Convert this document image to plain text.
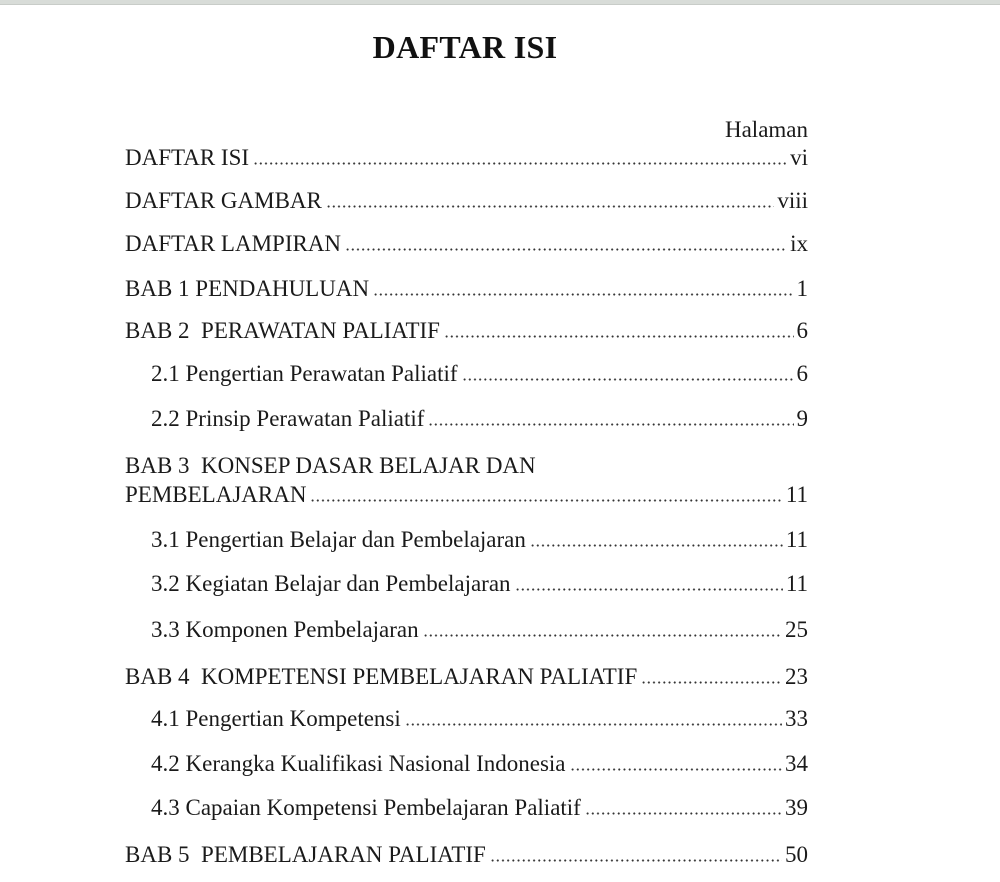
DAFTAR ISI
Halaman
DAFTAR ISI	vi
DAFTAR GAMBAR	viii
DAFTAR LAMPIRAN	ix
BAB 1 PENDAHULUAN	1
BAB 2  PERAWATAN PALIATIF	6
2.1 Pengertian Perawatan Paliatif	6
2.2 Prinsip Perawatan Paliatif	9
BAB 3  KONSEP DASAR BELAJAR DAN
PEMBELAJARAN	11
3.1 Pengertian Belajar dan Pembelajaran	11
3.2 Kegiatan Belajar dan Pembelajaran	11
3.3 Komponen Pembelajaran	25
BAB 4  KOMPETENSI PEMBELAJARAN PALIATIF	23
4.1 Pengertian Kompetensi	33
4.2 Kerangka Kualifikasi Nasional Indonesia	34
4.3 Capaian Kompetensi Pembelajaran Paliatif	39
BAB 5  PEMBELAJARAN PALIATIF	50
